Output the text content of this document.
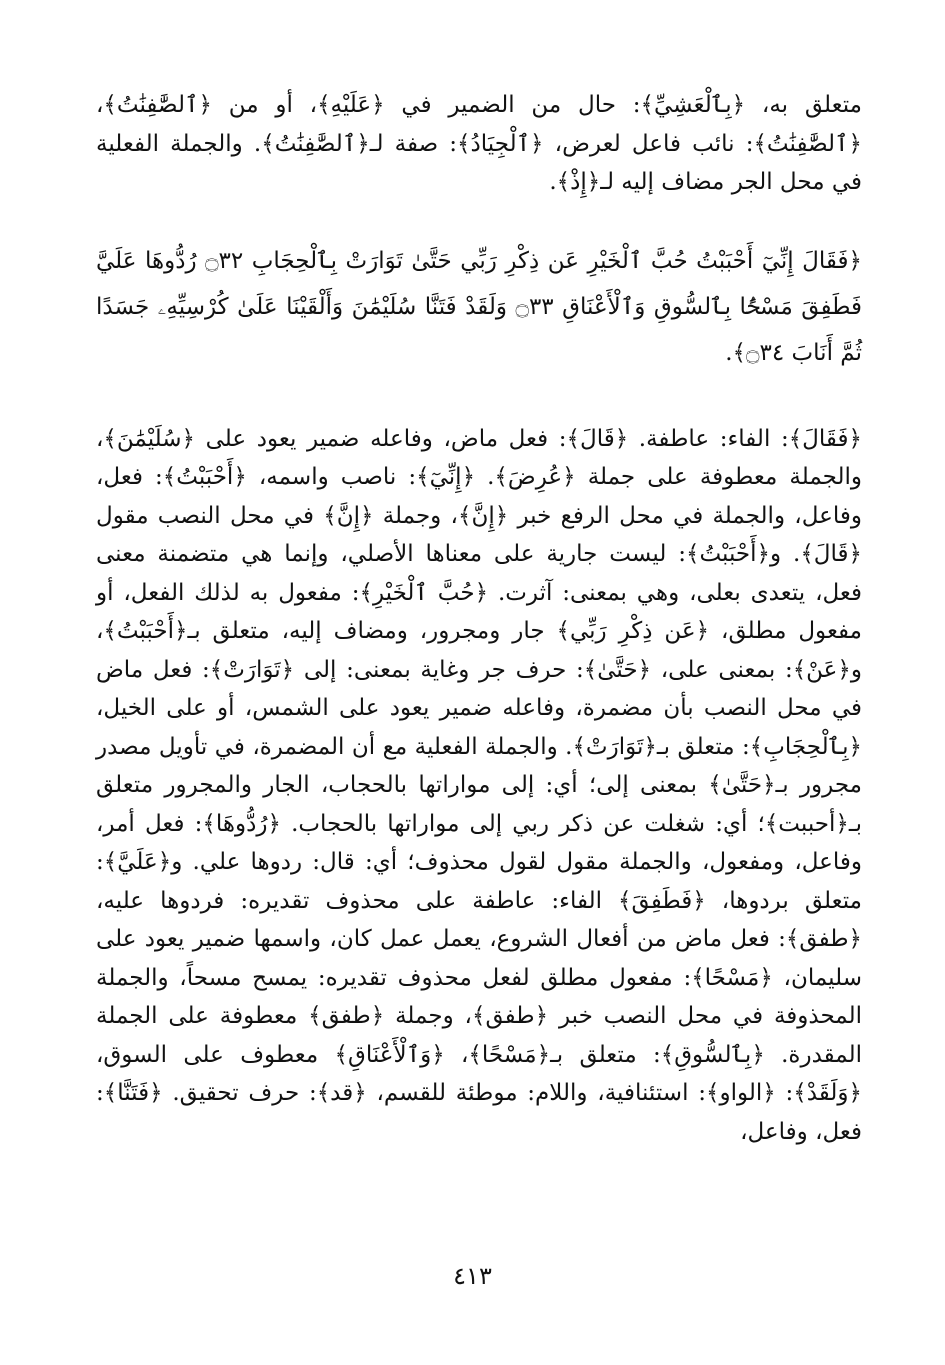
متعلق به، ﴿بِٱلْعَشِيِّ﴾: حال من الضمير في ﴿عَلَيْهِ﴾، أو من ﴿ٱلصَّٰفِنَٰتُ﴾، ﴿ٱلصَّٰفِنَٰتُ﴾: نائب فاعل لعرض، ﴿ٱلْجِيَادُ﴾: صفة لـ﴿ٱلصَّٰفِنَٰتُ﴾. والجملة الفعلية في محل الجر مضاف إليه لـ﴿إِذْ﴾.

﴿فَقَالَ إِنِّيٓ أَحْبَبْتُ حُبَّ ٱلْخَيْرِ عَن ذِكْرِ رَبِّي حَتَّىٰ تَوَارَتْ بِٱلْحِجَابِ ۝٣٢ رُدُّوهَا عَلَيَّ فَطَفِقَ مَسْحًۢا بِٱلسُّوقِ وَٱلْأَعْنَاقِ ۝٣٣ وَلَقَدْ فَتَنَّا سُلَيْمَٰنَ وَأَلْقَيْنَا عَلَىٰ كُرْسِيِّهِۦ جَسَدًا ثُمَّ أَنَابَ ۝٣٤﴾.

﴿فَقَالَ﴾: الفاء: عاطفة. ﴿قَالَ﴾: فعل ماض، وفاعله ضمير يعود على ﴿سُلَيْمَٰنَ﴾، والجملة معطوفة على جملة ﴿عُرِضَ﴾. ﴿إِنِّيٓ﴾: ناصب واسمه، ﴿أَحْبَبْتُ﴾: فعل، وفاعل، والجملة في محل الرفع خبر ﴿إِنَّ﴾، وجملة ﴿إِنَّ﴾ في محل النصب مقول ﴿قَالَ﴾. و﴿أَحْبَبْتُ﴾: ليست جارية على معناها الأصلي، وإنما هي متضمنة معنى فعل، يتعدى بعلى، وهي بمعنى: آثرت. ﴿حُبَّ ٱلْخَيْرِ﴾: مفعول به لذلك الفعل، أو مفعول مطلق، ﴿عَن ذِكْرِ رَبِّي﴾ جار ومجرور، ومضاف إليه، متعلق بـ﴿أَحْبَبْتُ﴾، و﴿عَنْ﴾: بمعنى على، ﴿حَتَّىٰ﴾: حرف جر وغاية بمعنى: إلى ﴿تَوَارَتْ﴾: فعل ماض في محل النصب بأن مضمرة، وفاعله ضمير يعود على الشمس، أو على الخيل، ﴿بِٱلْحِجَابِ﴾: متعلق بـ﴿تَوَارَتْ﴾. والجملة الفعلية مع أن المضمرة، في تأويل مصدر مجرور بـ﴿حَتَّىٰ﴾ بمعنى إلى؛ أي: إلى مواراتها بالحجاب، الجار والمجرور متعلق بـ﴿أحببت﴾؛ أي: شغلت عن ذكر ربي إلى مواراتها بالحجاب. ﴿رُدُّوهَا﴾: فعل أمر، وفاعل، ومفعول، والجملة مقول لقول محذوف؛ أي: قال: ردوها علي. و﴿عَلَيَّ﴾: متعلق بردوها، ﴿فَطَفِقَ﴾ الفاء: عاطفة على محذوف تقديره: فردوها عليه، ﴿طفق﴾: فعل ماض من أفعال الشروع، يعمل عمل كان، واسمها ضمير يعود على سليمان، ﴿مَسْحًا﴾: مفعول مطلق لفعل محذوف تقديره: يمسح مسحاً، والجملة المحذوفة في محل النصب خبر ﴿طفق﴾، وجملة ﴿طفق﴾ معطوفة على الجملة المقدرة. ﴿بِٱلسُّوقِ﴾: متعلق بـ﴿مَسْحًا﴾، ﴿وَٱلْأَعْنَاقِ﴾ معطوف على السوق، ﴿وَلَقَدْ﴾: ﴿الواو﴾: استئنافية، واللام: موطئة للقسم، ﴿قد﴾: حرف تحقيق. ﴿فَتَنَّا﴾: فعل، وفاعل،

٤١٣
